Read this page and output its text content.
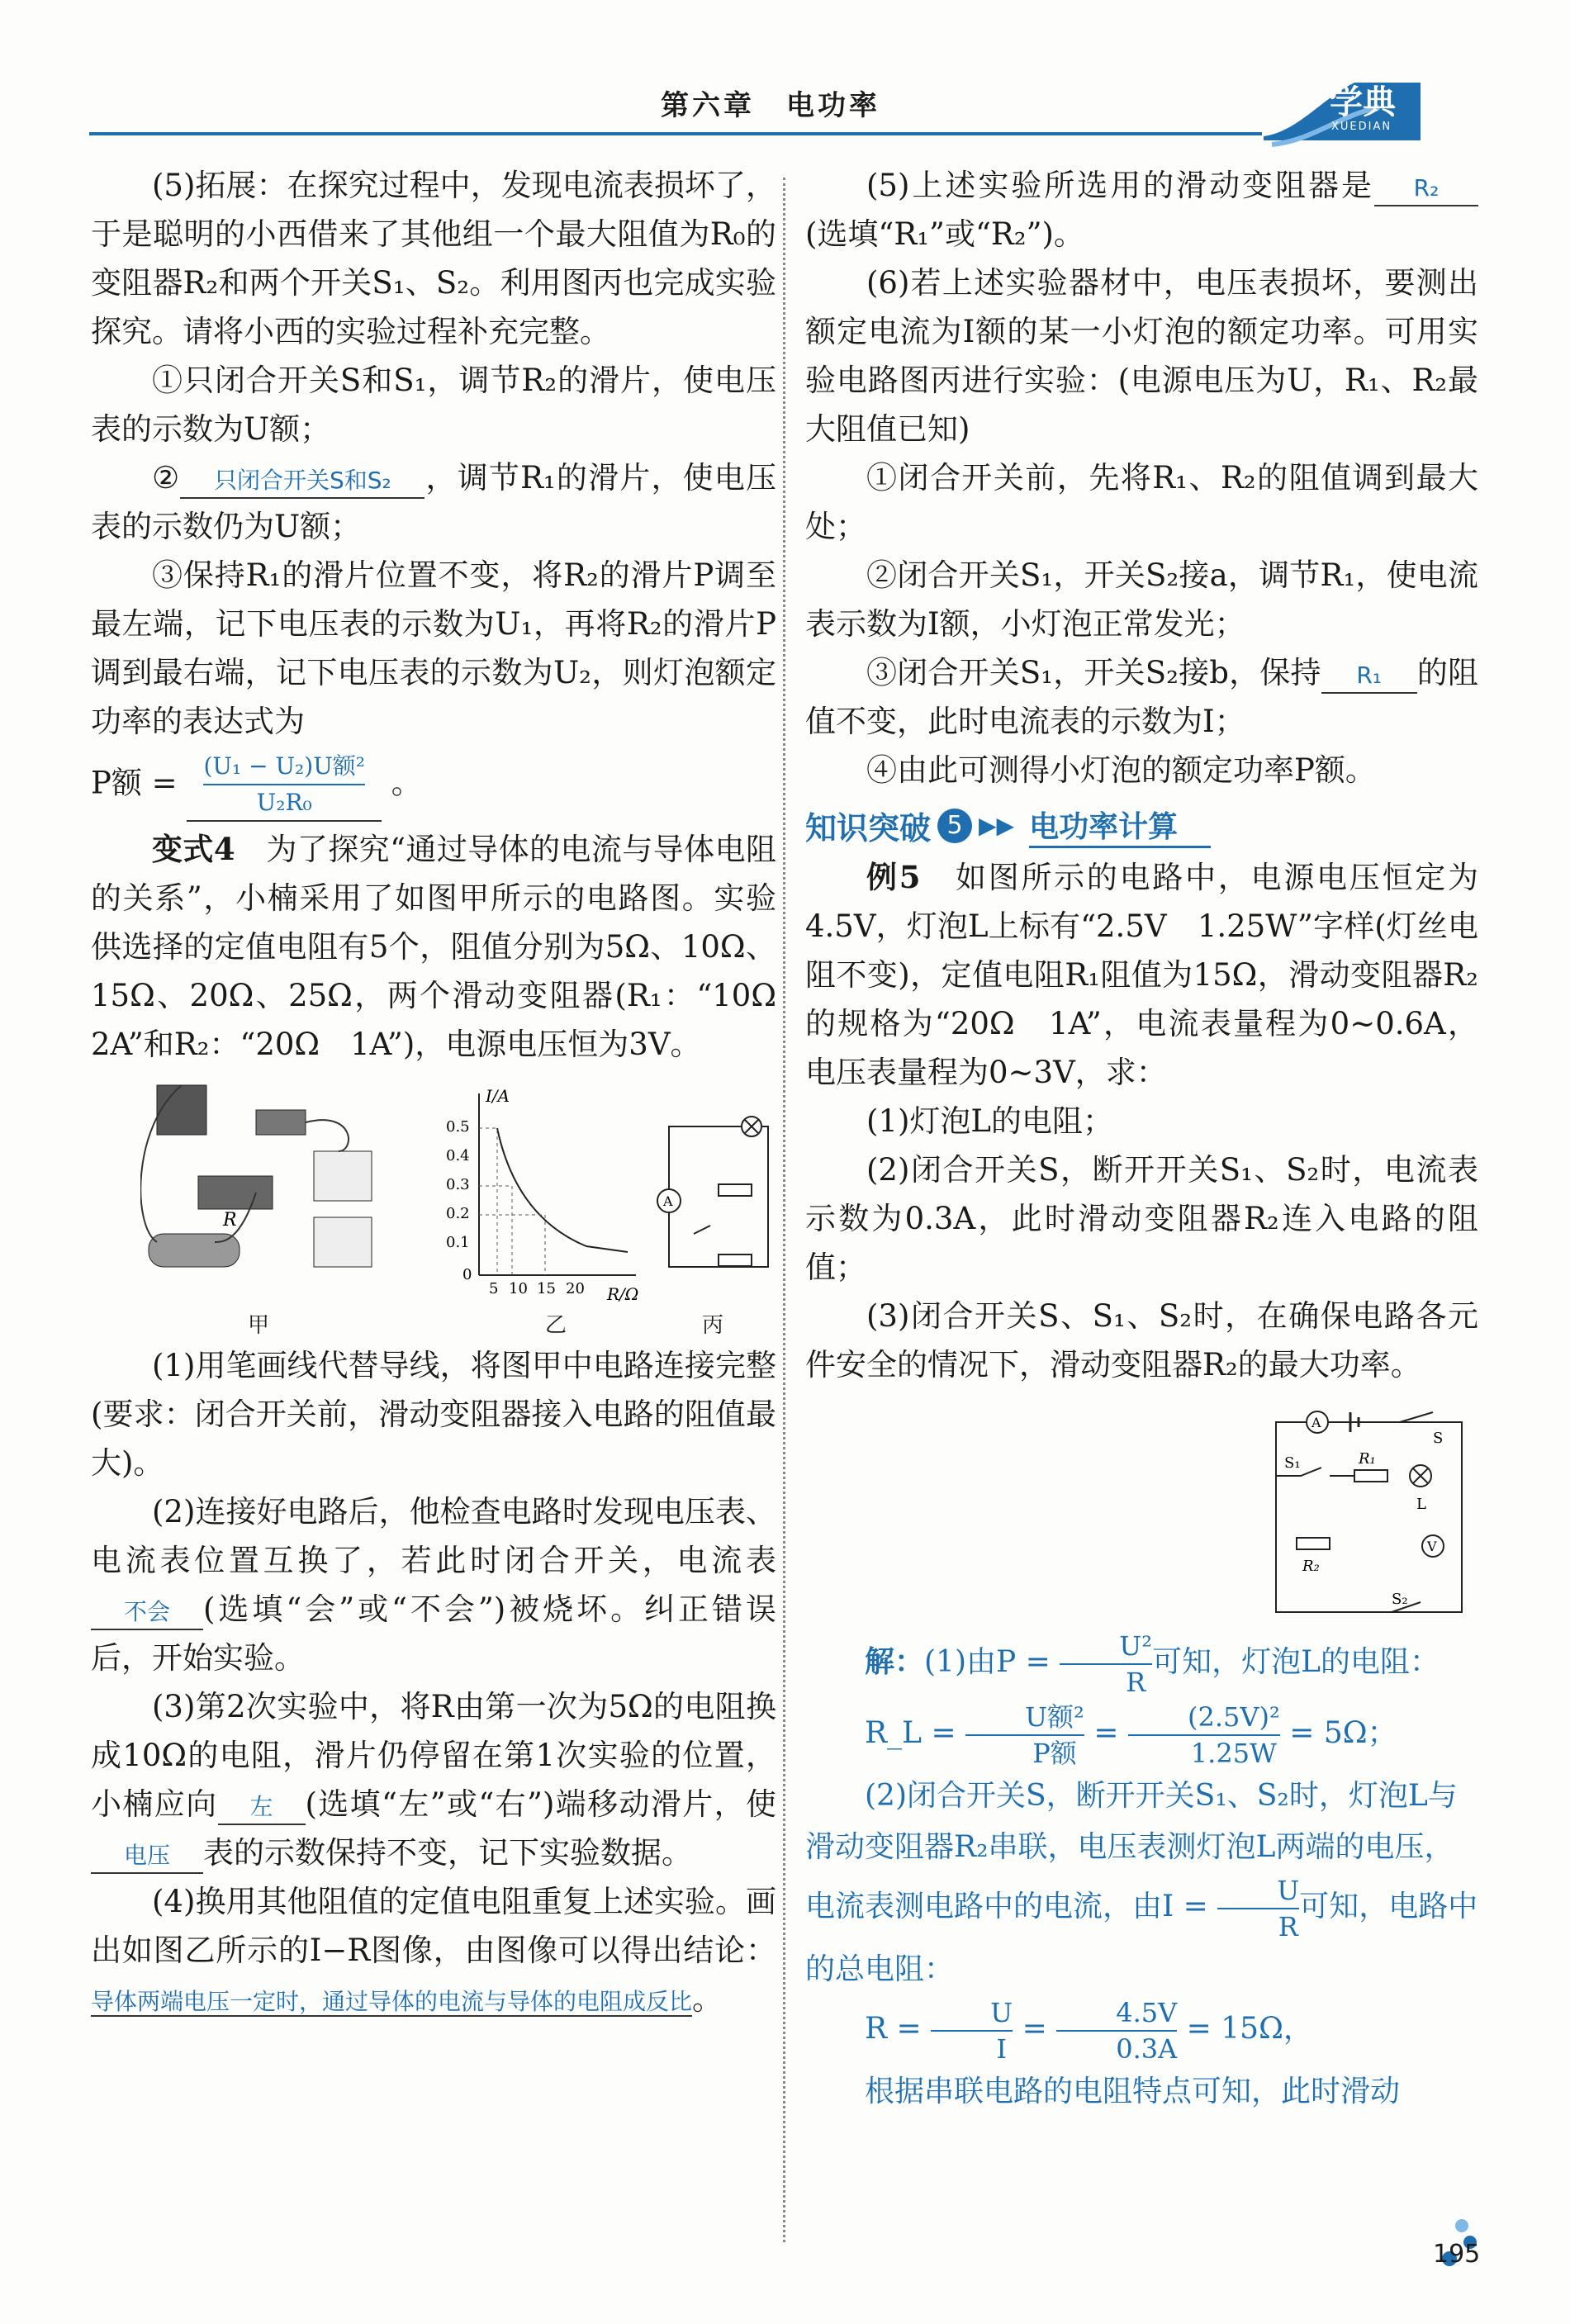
第六章　电功率	学典
XUEDIAN

(5)拓展：在探究过程中，发现电流表损坏了，于是聪明的小西借来了其他组一个最大阻值为R₀的变阻器R₂和两个开关S₁、S₂。利用图丙也完成实验探究。请将小西的实验过程补充完整。

①只闭合开关S和S₁，调节R₂的滑片，使电压表的示数为U额；

② 只闭合开关S和S₂ ，调节R₁的滑片，使电压表的示数仍为U额；

③保持R₁的滑片位置不变，将R₂的滑片P调至最左端，记下电压表的示数为U₁，再将R₂的滑片P调到最右端，记下电压表的示数为U₂，则灯泡额定功率的表达式为

P额 = $\frac{\text{(U₁ − U₂)U额²}}{\text{U₂R₀}}$ 。

变式4　 为了探究“通过导体的电流与导体电阻的关系”，小楠采用了如图甲所示的电路图。实验供选择的定值电阻有5个，阻值分别为5Ω、10Ω、15Ω、20Ω、25Ω，两个滑动变阻器(R₁：“10Ω　2A”和R₂：“20Ω　1A”)，电源电压恒为3V。

R
甲
I/A
R/Ω
0.5
0.4
0.3
0.2
0.1
0
5 10 15 20
乙
A
丙

(1)用笔画线代替导线，将图甲中电路连接完整(要求：闭合开关前，滑动变阻器接入电路的阻值最大)。

(2)连接好电路后，他检查电路时发现电压表、电流表位置互换了，若此时闭合开关，电流表不会 (选填“会”或“不会”)被烧坏。纠正错误后，开始实验。

(3)第2次实验中，将R由第一次为5Ω的电阻换成10Ω的电阻，滑片仍停留在第1次实验的位置，小楠应向 左 (选填“左”或“右”)端移动滑片，使电压 表的示数保持不变，记下实验数据。

(4)换用其他阻值的定值电阻重复上述实验。画出如图乙所示的I−R图像，由图像可以得出结论：导体两端电压一定时，通过导体的电流与导体的电阻成反比。

(5)上述实验所选用的滑动变阻器是 R₂(选填“R₁”或“R₂”)。

(6)若上述实验器材中，电压表损坏，要测出额定电流为I额的某一小灯泡的额定功率。可用实验电路图丙进行实验：(电源电压为U，R₁、R₂最大阻值已知)

①闭合开关前，先将R₁、R₂的阻值调到最大处；

②闭合开关S₁，开关S₂接a，调节R₁，使电流表示数为I额，小灯泡正常发光；

③闭合开关S₁，开关S₂接b，保持 R₁ 的阻值不变，此时电流表的示数为I；

④由此可测得小灯泡的额定功率P额。

知识突破 5 ▶▶ 电功率计算

例5　 如图所示的电路中，电源电压恒定为4.5V，灯泡L上标有“2.5V　1.25W”字样(灯丝电阻不变)，定值电阻R₁阻值为15Ω，滑动变阻器R₂的规格为“20Ω　1A”，电流表量程为0~0.6A，电压表量程为0~3V，求：

(1)灯泡L的电阻；

(2)闭合开关S，断开开关S₁、S₂时，电流表示数为0.3A，此时滑动变阻器R₂连入电路的阻值；

(3)闭合开关S、S₁、S₂时，在确保电路各元件安全的情况下，滑动变阻器R₂的最大功率。

A
S
S₁	R₁
L
R₂
V
S₂

解：(1)由$P = \frac{\text{U²}}{R}$ 可知，灯泡L的电阻：

R_L = $\frac{\text{U额²}}{\text{P额}} = \frac{\text{(2.5V)²}}{1.25W} = 5\Omega$；

(2)闭合开关S，断开开关S₁、S₂时，灯泡L与滑动变阻器R₂串联，电压表测灯泡L两端的电压，电流表测电路中的电流，由$I = \frac{U}{R}$ 可知，电路中的总电阻：

$R = \frac{U}{I} = \frac{4.5V}{0.3A} = 15\Omega$，

根据串联电路的电阻特点可知，此时滑动

195
